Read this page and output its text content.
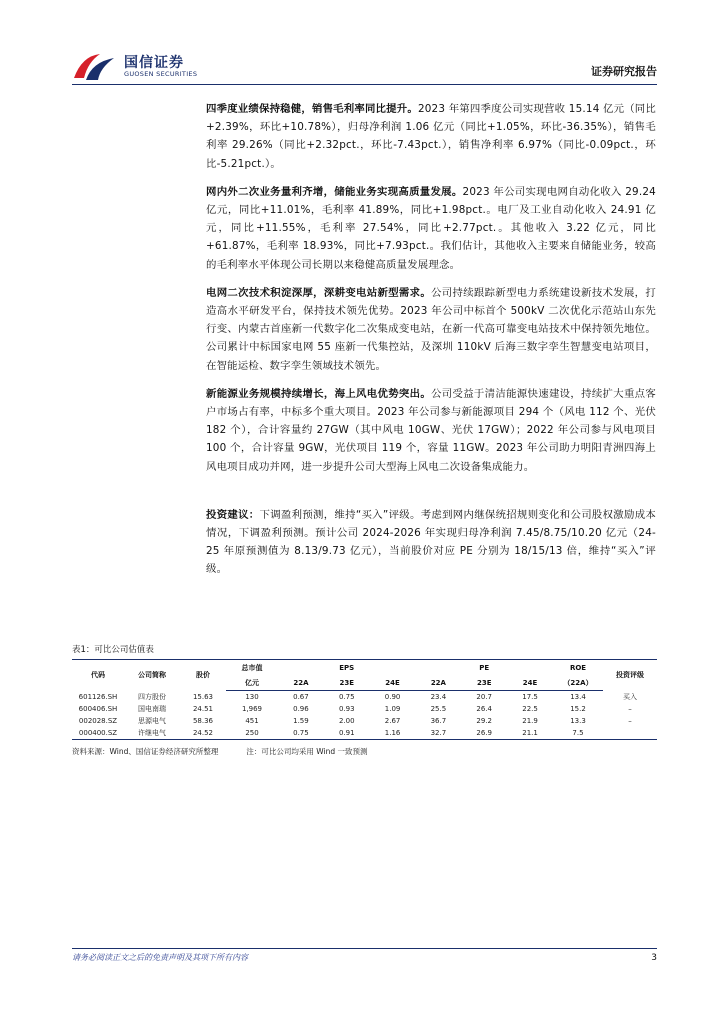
国信证券
GUOSEN SECURITIES	证券研究报告

四季度业绩保持稳健，销售毛利率同比提升。2023 年第四季度公司实现营收 15.14 亿元（同比+2.39%，环比+10.78%），归母净利润 1.06 亿元（同比+1.05%，环比-36.35%），销售毛利率 29.26%（同比+2.32pct.，环比-7.43pct.），销售净利率 6.97%（同比-0.09pct.，环比-5.21pct.）。

网内外二次业务量利齐增，储能业务实现高质量发展。2023 年公司实现电网自动化收入 29.24 亿元，同比+11.01%，毛利率 41.89%，同比+1.98pct.。电厂及工业自动化收入 24.91 亿元，同比+11.55%，毛利率 27.54%，同比+2.77pct.。其他收入 3.22 亿元，同比+61.87%，毛利率 18.93%，同比+7.93pct.。我们估计，其他收入主要来自储能业务，较高的毛利率水平体现公司长期以来稳健高质量发展理念。

电网二次技术积淀深厚，深耕变电站新型需求。公司持续跟踪新型电力系统建设新技术发展，打造高水平研发平台，保持技术领先优势。2023 年公司中标首个 500kV 二次优化示范站山东先行变、内蒙古首座新一代数字化二次集成变电站，在新一代高可靠变电站技术中保持领先地位。公司累计中标国家电网 55 座新一代集控站，及深圳 110kV 后海三数字孪生智慧变电站项目，在智能运检、数字孪生领域技术领先。

新能源业务规模持续增长，海上风电优势突出。公司受益于清洁能源快速建设，持续扩大重点客户市场占有率，中标多个重大项目。2023 年公司参与新能源项目 294 个（风电 112 个、光伏 182 个），合计容量约 27GW（其中风电 10GW、光伏 17GW）；2022 年公司参与风电项目 100 个，合计容量 9GW，光伏项目 119 个，容量 11GW。2023 年公司助力明阳青洲四海上风电项目成功并网，进一步提升公司大型海上风电二次设备集成能力。

投资建议：下调盈利预测，维持“买入”评级。考虑到网内继保统招规则变化和公司股权激励成本情况，下调盈利预测。预计公司 2024-2026 年实现归母净利润 7.45/8.75/10.20 亿元（24-25 年原预测值为 8.13/9.73 亿元），当前股价对应 PE 分别为 18/15/13 倍，维持“买入”评级。

表1：可比公司估值表
代码	公司简称	股价	总市值	EPS			PE			ROE	投资评级
			亿元	22A	23E	24E	22A	23E	24E	（22A）	
601126.SH	四方股份	15.63	130	0.67	0.75	0.90	23.4	20.7	17.5	13.4	买入
600406.SH	国电南瑞	24.51	1,969	0.96	0.93	1.09	25.5	26.4	22.5	15.2	–
002028.SZ	思源电气	58.36	451	1.59	2.00	2.67	36.7	29.2	21.9	13.3	–
000400.SZ	许继电气	24.52	250	0.75	0.91	1.16	32.7	26.9	21.1	7.5	
资料来源：Wind、国信证券经济研究所整理	注：可比公司均采用 Wind 一致预测
请务必阅读正文之后的免责声明及其项下所有内容	3
